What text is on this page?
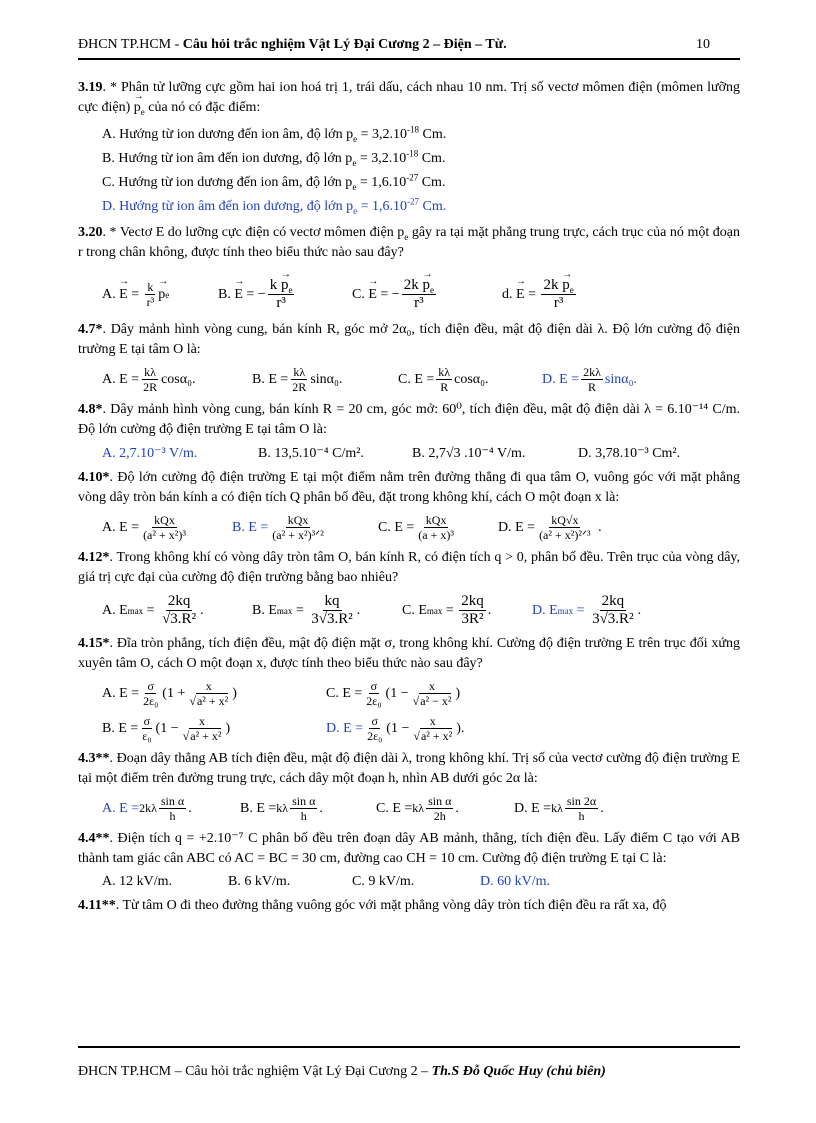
ĐHCN TP.HCM - Câu hỏi trắc nghiệm Vật Lý Đại Cương 2 – Điện – Từ.	10
3.19. * Phân tử lưỡng cực gồm hai ion hoá trị 1, trái dấu, cách nhau 10 nm. Trị số vectơ mômen điện (mômen lưỡng cực điện) → $p_e$ của nó có đặc điểm:
A. Hướng từ ion dương đến ion âm, độ lớn $p_e = 3,2.10^{-18}$ Cm.
B. Hướng từ ion âm đến ion dương, độ lớn $p_e = 3,2.10^{-18}$ Cm.
C. Hướng từ ion dương đến ion âm, độ lớn $p_e = 1,6.10^{-27}$ Cm.
D. Hướng từ ion âm đến ion dương, độ lớn $p_e = 1,6.10^{-27}$ Cm.
3.20. * Vectơ E do lưỡng cực điện có vectơ mômen điện $p_e$ gây ra tại mặt phẳng trung trực, cách trục của nó một đoạn r trong chân không, được tính theo biểu thức nào sau đây?
A.

→ $E = \frac{k}{\text{r³}}$
→ p e	B.

→ E = − $\frac{k \to p_e}{\text{r³}}$	C.

→ E = − $\frac{2k \to p_e}{\text{r³}}$	d.

→ $E = \frac{2k \to p_e}{\text{r³}}$
4.7*. Dây mảnh hình vòng cung, bán kính R, góc mở 2α₀, tích điện đều, mật độ điện dài λ. Độ lớn cường độ điện trường E tại tâm O là:
A. $E = \frac{k\lambda}{2R} \cos\alpha_0$.	B. $E = \frac{k\lambda}{2R} \sin\alpha_0$.	C. $E = \frac{k\lambda}{R} \cos\alpha_0$.	D. $E = \frac{2k\lambda}{R} \sin\alpha_0$.
4.8*. Dây mảnh hình vòng cung, bán kính R = 20 cm, góc mở: 60⁰, tích điện đều, mật độ điện dài λ = 6.10⁻¹⁴ C/m. Độ lớn cường độ điện trường E tại tâm O là:
A. 2,7.10⁻³ V/m.	B. 13,5.10⁻⁴ C/m².	B. 2,7√3 .10⁻⁴ V/m.	D. 3,78.10⁻³ Cm².
4.10*. Độ lớn cường độ điện trường E tại một điểm nằm trên đường thẳng đi qua tâm O, vuông góc với mặt phẳng vòng dây tròn bán kính a có điện tích Q phân bố đều, đặt trong không khí, cách O một đoạn x là:
A. $E = \frac{\text{kQx}}{\text{(a² + x²)³}}$	B. $E = \frac{\text{kQx}}{\text{(a² + x²)³ᐟ²}}$	C. $E = \frac{\text{kQx}}{\text{(a + x)³}}$	D. $E = \frac{kQ√x}{\text{(a² + x²)²ᐟ³}}$ .
4.12*. Trong không khí có vòng dây tròn tâm O, bán kính R, có điện tích q > 0, phân bố đều. Trên trục của vòng dây, giá trị cực đại của cường độ điện trường bằng bao nhiêu?
A. E $\max = \frac{2kq}{\text{√3.R²}}$ .	B. E $\max = \frac{kq}{\text{3√3.R²}}$ .	C. E $\max = \frac{2kq}{\text{3R²}}$ .	D. E $\max = \frac{2kq}{\text{3√3.R²}}$ .
4.15*. Đĩa tròn phẳng, tích điện đều, mật độ điện mặt σ, trong không khí. Cường độ điện trường E trên trục đối xứng xuyên tâm O, cách O một đoạn x, được tính theo biểu thức nào sau đây?
A. $E = \frac{\sigma}{\text{2ε₀}} (1 + \frac{x}{\text{√a² + x²}}$ )	C. $E = \frac{\sigma}{\text{2ε₀}} (1 - \frac{x}{\text{√a² − x²}}$ )
B. $E = \frac{\sigma}{\text{ε₀}} (1 - \frac{x}{\text{√a² + x²}}$ )	D. $E = \frac{\sigma}{\text{2ε₀}} (1 - \frac{x}{\text{√a² + x²}}$ ).
4.3**. Đoạn dây thẳng AB tích điện đều, mật độ điện dài λ, trong không khí. Trị số của vectơ cường độ điện trường E tại một điểm trên đường trung trực, cách dây một đoạn h, nhìn AB dưới góc 2α là:
A. $E = 2k\lambda \frac{\text{sin α}}{h}$ .	B. E = kλ $\frac{\text{sin α}}{h}$ .	C. E = kλ $\frac{\text{sin α}}{2h}$ .	D. E = kλ $\frac{\sin 2\alpha}{h}$ .
4.4**. Điện tích q = +2.10⁻⁷ C phân bố đều trên đoạn dây AB mảnh, thẳng, tích điện đều. Lấy điểm C tạo với AB thành tam giác cân ABC có AC = BC = 30 cm, đường cao CH = 10 cm. Cường độ điện trường E tại C là:
A. 12 kV/m.	B. 6 kV/m.	C. 9 kV/m.	D. 60 kV/m.
4.11**. Từ tâm O đi theo đường thẳng vuông góc với mặt phẳng vòng dây tròn tích điện đều ra rất xa, độ
ĐHCN TP.HCM – Câu hỏi trắc nghiệm Vật Lý Đại Cương 2 – Th.S Đỗ Quốc Huy (chủ biên)
